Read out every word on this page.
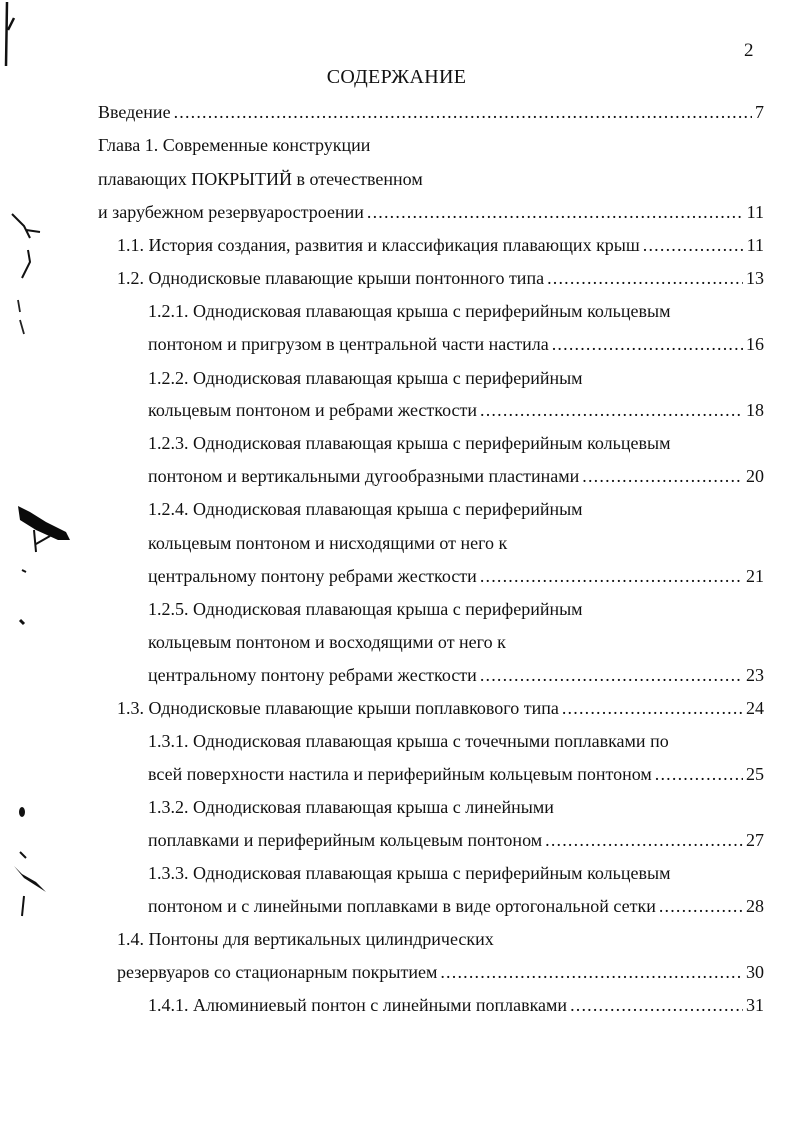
2
СОДЕРЖАНИЕ
Введение .....	7
Глава 1. Современные конструкции
плавающих ПОКРЫТИЙ в отечественном
и зарубежном резервуаростроении .....	11
1.1. История создания, развития и классификация плавающих крыш .....	11
1.2. Однодисковые плавающие крыши понтонного типа .....	13
1.2.1. Однодисковая плавающая крыша с периферийным кольцевым
понтоном и пригрузом в центральной части настила .....	16
1.2.2. Однодисковая плавающая крыша с периферийным
кольцевым понтоном и ребрами жесткости .....	18
1.2.3. Однодисковая плавающая крыша с периферийным кольцевым
понтоном и вертикальными дугообразными пластинами .....	20
1.2.4. Однодисковая плавающая крыша с периферийным
кольцевым понтоном и нисходящими от него к
центральному понтону ребрами жесткости .....	21
1.2.5. Однодисковая плавающая крыша с периферийным
кольцевым понтоном и восходящими от него к
центральному понтону ребрами жесткости .....	23
1.3. Однодисковые плавающие крыши поплавкового типа .....	24
1.3.1. Однодисковая плавающая крыша с точечными поплавками по
всей поверхности настила и периферийным кольцевым понтоном .....	25
1.3.2. Однодисковая плавающая крыша с линейными
поплавками и периферийным кольцевым понтоном .....	27
1.3.3. Однодисковая плавающая крыша с периферийным кольцевым
понтоном и с линейными поплавками в виде ортогональной сетки .....	28
1.4. Понтоны для вертикальных цилиндрических
резервуаров со стационарным покрытием .....	30
1.4.1. Алюминиевый понтон с линейными поплавками .....	31
